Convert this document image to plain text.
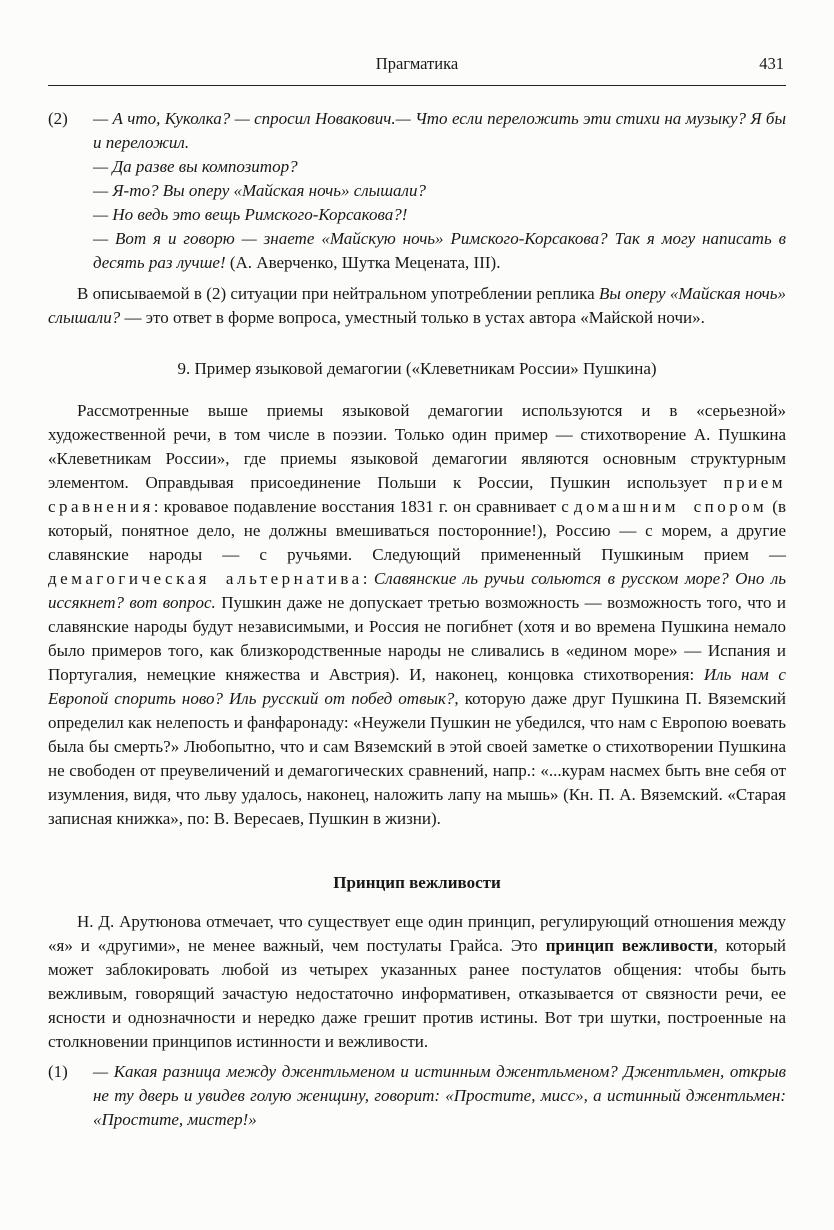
Прагматика	431
(2) — А что, Куколка? — спросил Новакович.— Что если переложить эти стихи на музыку? Я бы и переложил.

— Да разве вы композитор?

— Я-то? Вы оперу «Майская ночь» слышали?

— Но ведь это вещь Римского-Корсакова?!

— Вот я и говорю — знаете «Майскую ночь» Римского-Корсакова? Так я могу написать в десять раз лучше! (А. Аверченко, Шутка Мецената, III).

В описываемой в (2) ситуации при нейтральном употреблении реплика Вы оперу «Майская ночь» слышали? — это ответ в форме вопроса, уместный только в устах автора «Майской ночи».

9. Пример языковой демагогии («Клеветникам России» Пушкина)

Рассмотренные выше приемы языковой демагогии используются и в «серьезной» художественной речи, в том числе в поэзии. Только один пример — стихотворение А. Пушкина «Клеветникам России», где приемы языковой демагогии являются основным структурным элементом. Оправдывая присоединение Польши к России, Пушкин использует прием сравнения: кровавое подавление восстания 1831 г. он сравнивает с домашним спором (в который, понятное дело, не должны вмешиваться посторонние!), Россию — с морем, а другие славянские народы — с ручьями. Следующий примененный Пушкиным прием — демагогическая альтернатива: Славянские ль ручьи сольются в русском море? Оно ль иссякнет? вот вопрос. Пушкин даже не допускает третью возможность — возможность того, что и славянские народы будут независимыми, и Россия не погибнет (хотя и во времена Пушкина немало было примеров того, как близкородственные народы не сливались в «едином море» — Испания и Португалия, немецкие княжества и Австрия). И, наконец, концовка стихотворения: Иль нам с Европой спорить ново? Иль русский от побед отвык?, которую даже друг Пушкина П. Вяземский определил как нелепость и фанфаронаду: «Неужели Пушкин не убедился, что нам с Европою воевать была бы смерть?» Любопытно, что и сам Вяземский в этой своей заметке о стихотворении Пушкина не свободен от преувеличений и демагогических сравнений, напр.: «...курам насмех быть вне себя от изумления, видя, что льву удалось, наконец, наложить лапу на мышь» (Кн. П. А. Вяземский. «Старая записная книжка», по: В. Вересаев, Пушкин в жизни).

Принцип вежливости

Н. Д. Арутюнова отмечает, что существует еще один принцип, регулирующий отношения между «я» и «другими», не менее важный, чем постулаты Грайса. Это принцип вежливости, который может заблокировать любой из четырех указанных ранее постулатов общения: чтобы быть вежливым, говорящий зачастую недостаточно информативен, отказывается от связности речи, ее ясности и однозначности и нередко даже грешит против истины. Вот три шутки, построенные на столкновении принципов истинности и вежливости.

(1) — Какая разница между джентльменом и истинным джентльменом? Джентльмен, открыв не ту дверь и увидев голую женщину, говорит: «Простите, мисс», а истинный джентльмен: «Простите, мистер!»
